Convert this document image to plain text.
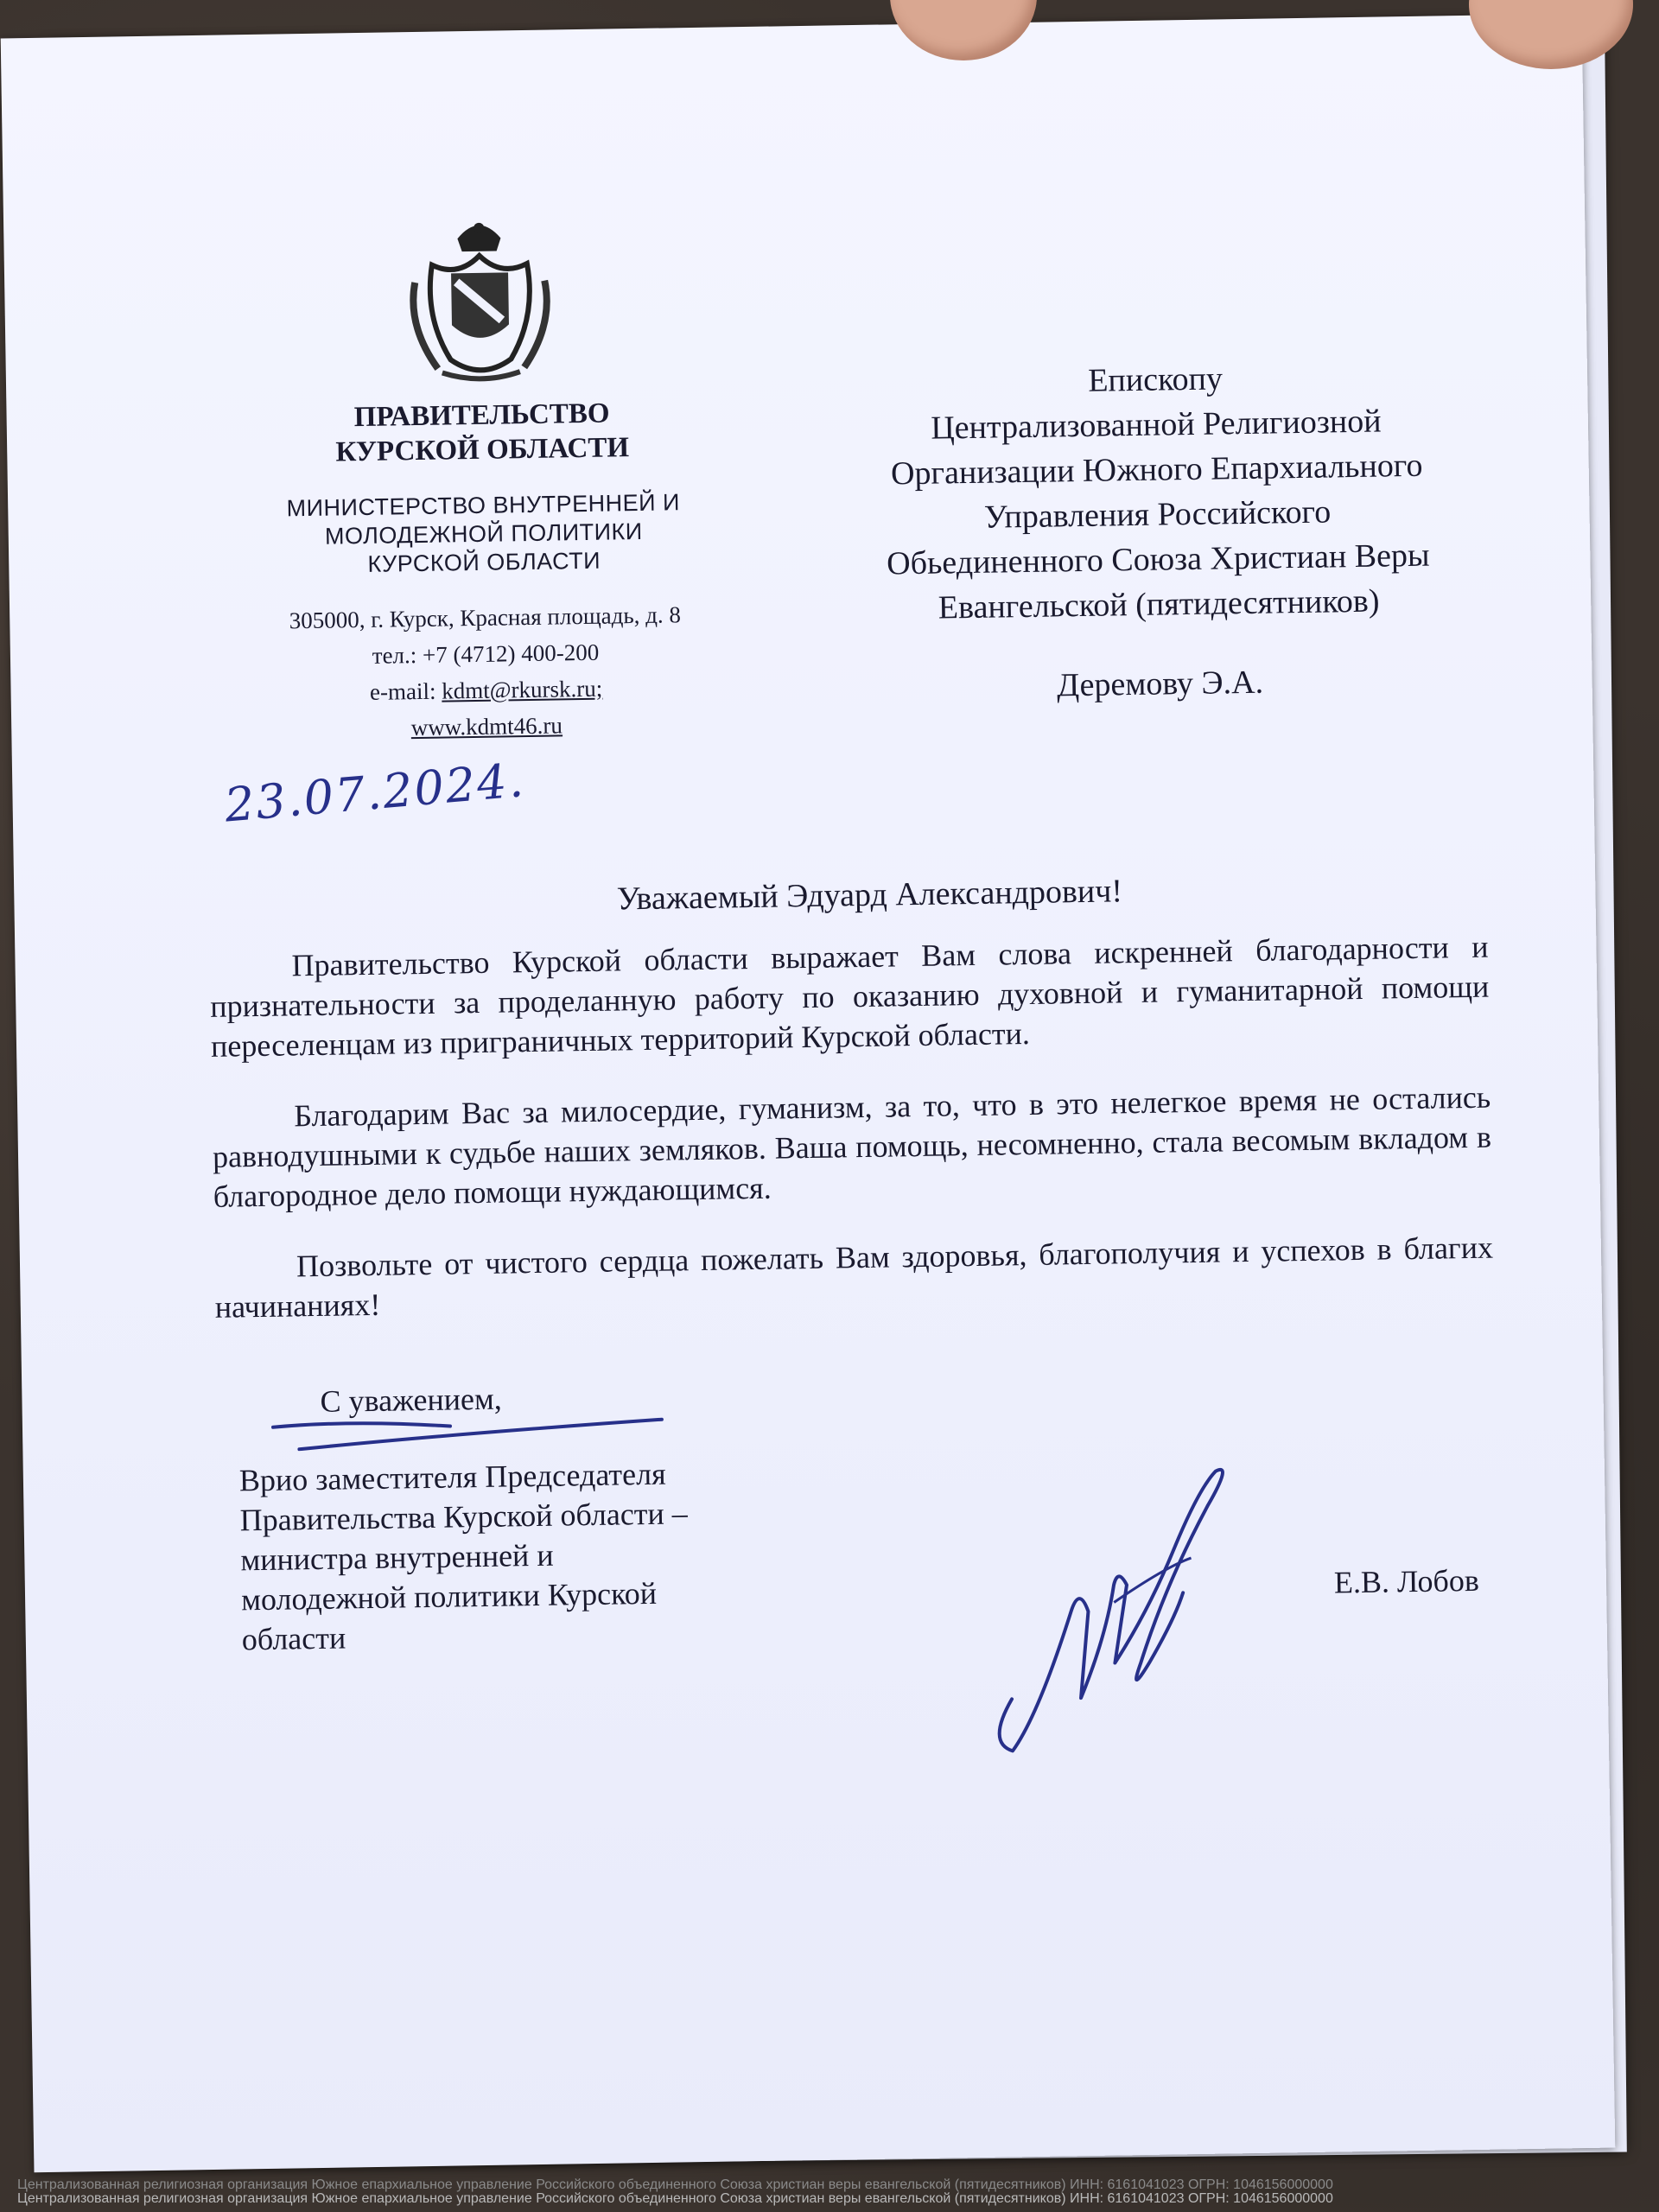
ПРАВИТЕЛЬСТВО
КУРСКОЙ ОБЛАСТИ
МИНИСТЕРСТВО ВНУТРЕННЕЙ И
МОЛОДЕЖНОЙ ПОЛИТИКИ
КУРСКОЙ ОБЛАСТИ
305000, г. Курск, Красная площадь, д. 8
тел.: +7 (4712) 400-200
e-mail: kdmt@rkursk.ru;
www.kdmt46.ru
Епископу
Централизованной Религиозной
Организации Южного Епархиального
Управления Российского
Обьединенного Союза Христиан Веры
Евангельской (пятидесятников)
Деремову Э.А.
23.07.2024.
Уважаемый Эдуард Александрович!

Правительство Курской области выражает Вам слова искренней благодарности и признательности за проделанную работу по оказанию духовной и гуманитарной помощи переселенцам из приграничных территорий Курской области.

Благодарим Вас за милосердие, гуманизм, за то, что в это нелегкое время не остались равнодушными к судьбе наших земляков. Ваша помощь, несомненно, стала весомым вкладом в благородное дело помощи нуждающимся.

Позвольте от чистого сердца пожелать Вам здоровья, благополучия и успехов в благих начинаниях!

С уважением,
Врио заместителя Председателя
Правительства Курской области –
министра внутренней и
молодежной политики Курской
области
Е.В. Лобов
Централизованная религиозная организация Южное епархиальное управление Российского объединенного Союза христиан веры евангельской (пятидесятников) ИНН: 6161041023 ОГРН: 1046156000000
Централизованная религиозная организация Южное епархиальное управление Российского объединенного Союза христиан веры евангельской (пятидесятников) ИНН: 6161041023 ОГРН: 1046156000000
